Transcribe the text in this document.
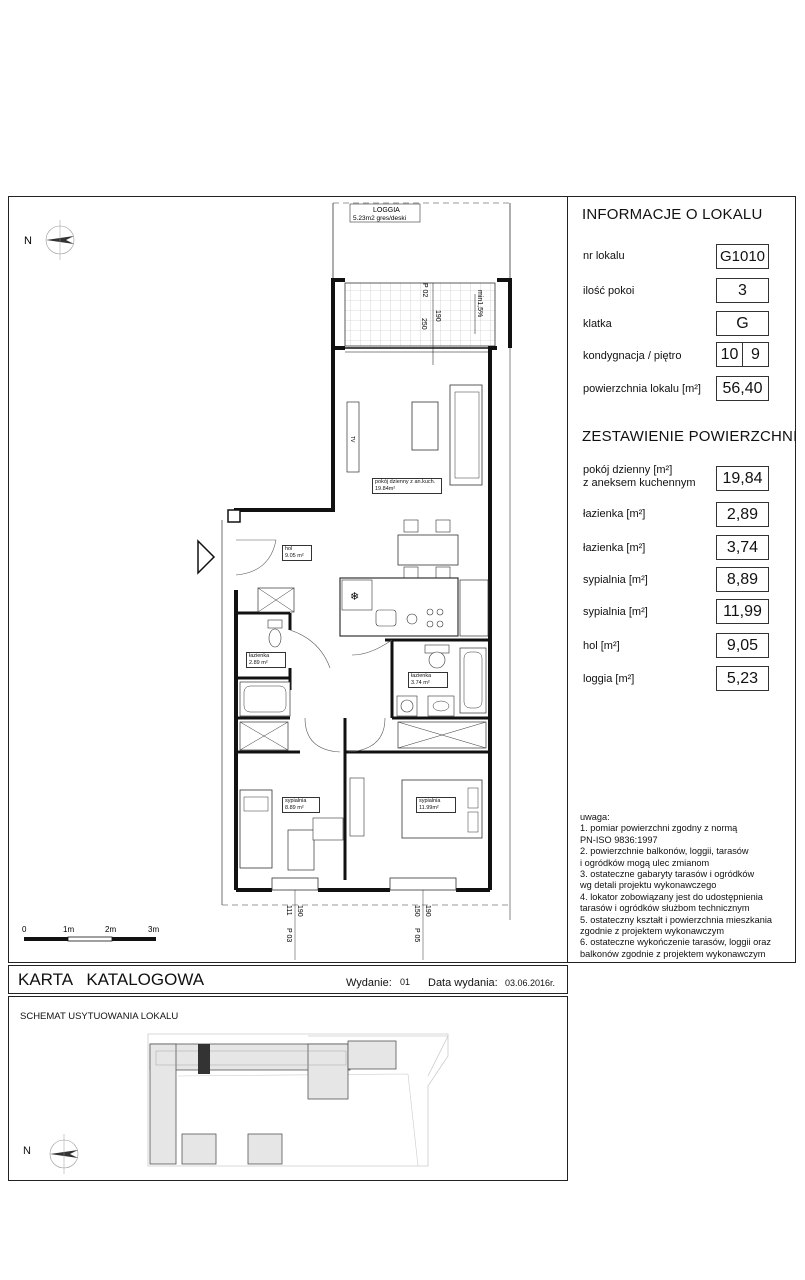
INFORMACJE O LOKALU
nr lokalu	G1010
ilość pokoi	3
klatka	G
kondygnacja / piętro 10 9
powierzchnia lokalu [m²]	56,40
ZESTAWIENIE POWIERZCHNI
pokój dzienny [m²]
z aneksem kuchennym	19,84
łazienka [m²]	2,89
łazienka [m²]	3,74
sypialnia [m²]	8,89
sypialnia [m²]	11,99
hol [m²]	9,05
loggia [m²]	5,23
uwaga:
1. pomiar powierzchni zgodny z normą
PN-ISO 9836:1997
2. powierzchnie balkonów, loggii, tarasów
i ogródków mogą ulec zmianom
3. ostateczne gabaryty tarasów i ogródków
wg detali projektu wykonawczego
4. lokator zobowiązany jest do udostępnienia
tarasów i ogródków służbom technicznym
5. ostateczny kształt i powierzchnia mieszkania
zgodnie z projektem wykonawczym
6. ostateczne wykończenie tarasów, loggii oraz
balkonów zgodnie z projektem wykonawczym
N
❄
0	1m	2m	3m
LOGGIA
5.23m2 gres/deski
min1,5%
P 02
190
250
TV
P 03
111 190
P 05
150 190
pokój dzienny z an.kuch.
19.84m²
hol
9.05 m²
łazienka
2.89 m²
łazienka
3.74 m²
sypialnia
8.89 m²
sypialnia
11.99m²
KARTA   KATALOGOWA	Wydanie: 01 Data wydania: 03.06.2016r.
SCHEMAT USYTUOWANIA LOKALU
N
